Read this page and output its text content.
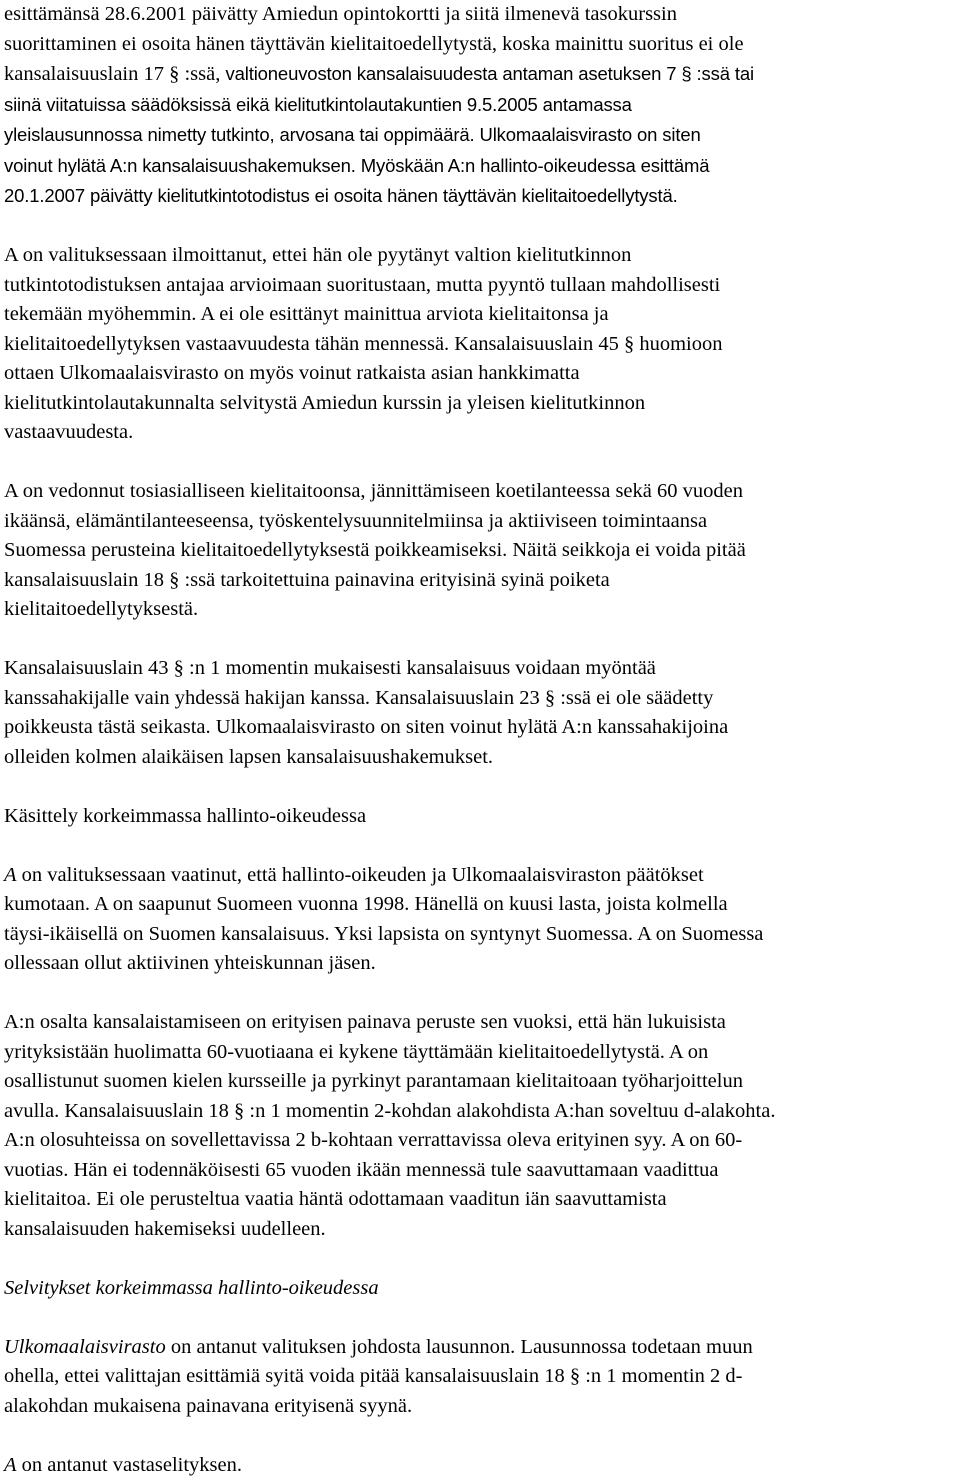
esittämänsä 28.6.2001 päivätty Amiedun opintokortti ja siitä ilmenevä tasokurssin
suorittaminen ei osoita hänen täyttävän kielitaitoedellytystä, koska mainittu suoritus ei ole
kansalaisuuslain 17 § :ssä, valtioneuvoston kansalaisuudesta antaman asetuksen 7 § :ssä tai
siinä viitatuissa säädöksissä eikä kielitutkintolautakuntien 9.5.2005 antamassa
yleislausunnossa nimetty tutkinto, arvosana tai oppimäärä. Ulkomaalaisvirasto on siten
voinut hylätä A:n kansalaisuushakemuksen. Myöskään A:n hallinto-oikeudessa esittämä
20.1.2007 päivätty kielitutkintotodistus ei osoita hänen täyttävän kielitaitoedellytystä.

A on valituksessaan ilmoittanut, ettei hän ole pyytänyt valtion kielitutkinnon
tutkintotodistuksen antajaa arvioimaan suoritustaan, mutta pyyntö tullaan mahdollisesti
tekemään myöhemmin. A ei ole esittänyt mainittua arviota kielitaitonsa ja
kielitaitoedellytyksen vastaavuudesta tähän mennessä. Kansalaisuuslain 45 § huomioon
ottaen Ulkomaalaisvirasto on myös voinut ratkaista asian hankkimatta
kielitutkintolautakunnalta selvitystä Amiedun kurssin ja yleisen kielitutkinnon
vastaavuudesta.

A on vedonnut tosiasialliseen kielitaitoonsa, jännittämiseen koetilanteessa sekä 60 vuoden
ikäänsä, elämäntilanteeseensa, työskentelysuunnitelmiinsa ja aktiiviseen toimintaansa
Suomessa perusteina kielitaitoedellytyksestä poikkeamiseksi. Näitä seikkoja ei voida pitää
kansalaisuuslain 18 § :ssä tarkoitettuina painavina erityisinä syinä poiketa
kielitaitoedellytyksestä.

Kansalaisuuslain 43 § :n 1 momentin mukaisesti kansalaisuus voidaan myöntää
kanssahakijalle vain yhdessä hakijan kanssa. Kansalaisuuslain 23 § :ssä ei ole säädetty
poikkeusta tästä seikasta. Ulkomaalaisvirasto on siten voinut hylätä A:n kanssahakijoina
olleiden kolmen alaikäisen lapsen kansalaisuushakemukset.

Käsittely korkeimmassa hallinto-oikeudessa

A on valituksessaan vaatinut, että hallinto-oikeuden ja Ulkomaalaisviraston päätökset
kumotaan. A on saapunut Suomeen vuonna 1998. Hänellä on kuusi lasta, joista kolmella
täysi-ikäisellä on Suomen kansalaisuus. Yksi lapsista on syntynyt Suomessa. A on Suomessa
ollessaan ollut aktiivinen yhteiskunnan jäsen.

A:n osalta kansalaistamiseen on erityisen painava peruste sen vuoksi, että hän lukuisista
yrityksistään huolimatta 60-vuotiaana ei kykene täyttämään kielitaitoedellytystä. A on
osallistunut suomen kielen kursseille ja pyrkinyt parantamaan kielitaitoaan työharjoittelun
avulla. Kansalaisuuslain 18 § :n 1 momentin 2-kohdan alakohdista A:han soveltuu d-alakohta.
A:n olosuhteissa on sovellettavissa 2 b-kohtaan verrattavissa oleva erityinen syy. A on 60-
vuotias. Hän ei todennäköisesti 65 vuoden ikään mennessä tule saavuttamaan vaadittua
kielitaitoa. Ei ole perusteltua vaatia häntä odottamaan vaaditun iän saavuttamista
kansalaisuuden hakemiseksi uudelleen.

Selvitykset korkeimmassa hallinto-oikeudessa

Ulkomaalaisvirasto on antanut valituksen johdosta lausunnon. Lausunnossa todetaan muun
ohella, ettei valittajan esittämiä syitä voida pitää kansalaisuuslain 18 § :n 1 momentin 2 d-
alakohdan mukaisena painavana erityisenä syynä.

A on antanut vastaselityksen.
